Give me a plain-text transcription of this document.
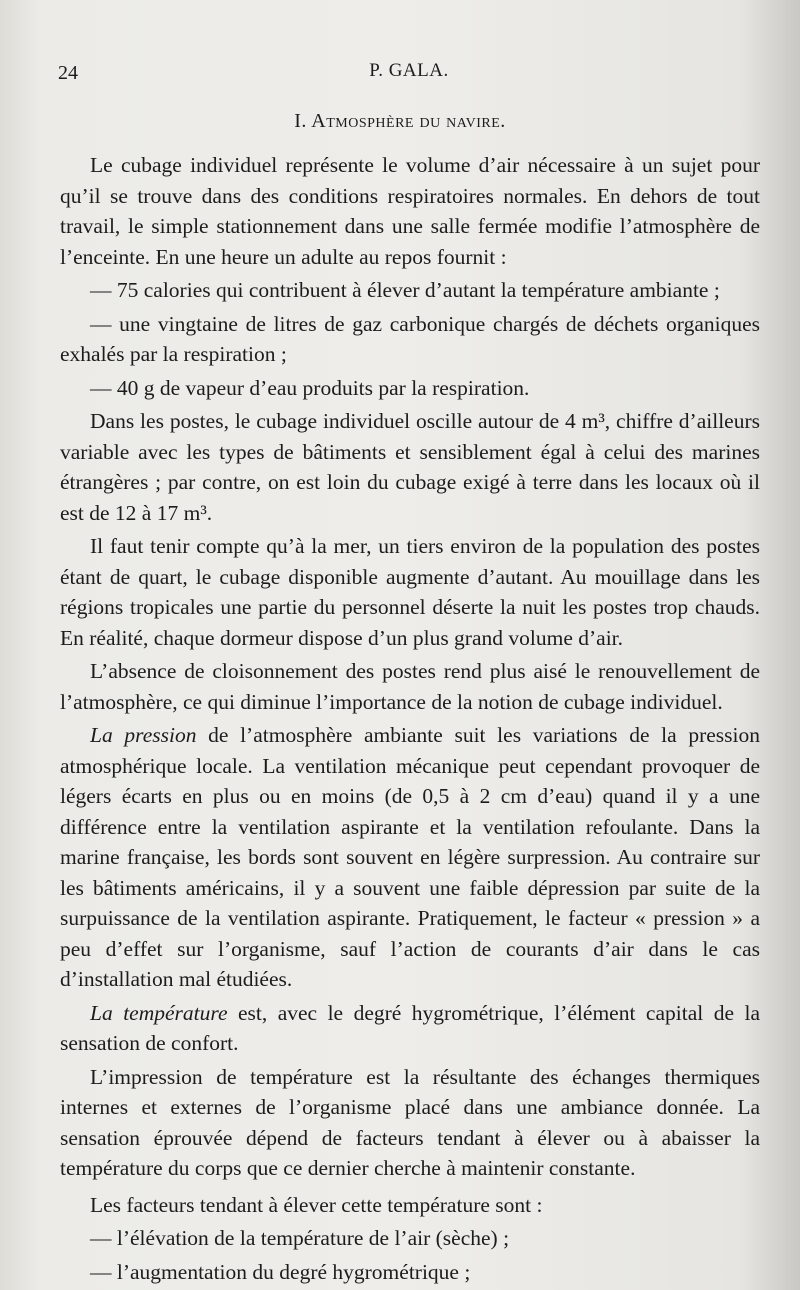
24	P. GALA.
I. Atmosphère du navire.

Le cubage individuel représente le volume d’air nécessaire à un sujet pour qu’il se trouve dans des conditions respiratoires normales. En dehors de tout travail, le simple stationnement dans une salle fermée modifie l’atmosphère de l’enceinte. En une heure un adulte au repos fournit :

— 75 calories qui contribuent à élever d’autant la température ambiante ;

— une vingtaine de litres de gaz carbonique chargés de déchets organiques exhalés par la respiration ;

— 40 g de vapeur d’eau produits par la respiration.

Dans les postes, le cubage individuel oscille autour de 4 m³, chiffre d’ailleurs variable avec les types de bâtiments et sensiblement égal à celui des marines étrangères ; par contre, on est loin du cubage exigé à terre dans les locaux où il est de 12 à 17 m³.

Il faut tenir compte qu’à la mer, un tiers environ de la population des postes étant de quart, le cubage disponible augmente d’autant. Au mouillage dans les régions tropicales une partie du personnel déserte la nuit les postes trop chauds. En réalité, chaque dormeur dispose d’un plus grand volume d’air.

L’absence de cloisonnement des postes rend plus aisé le renouvellement de l’atmosphère, ce qui diminue l’importance de la notion de cubage individuel.

La pression de l’atmosphère ambiante suit les variations de la pression atmosphérique locale. La ventilation mécanique peut cependant provoquer de légers écarts en plus ou en moins (de 0,5 à 2 cm d’eau) quand il y a une différence entre la ventilation aspirante et la ventilation refoulante. Dans la marine française, les bords sont souvent en légère surpression. Au contraire sur les bâtiments américains, il y a souvent une faible dépression par suite de la surpuissance de la ventilation aspirante. Pratiquement, le facteur « pression » a peu d’effet sur l’organisme, sauf l’action de courants d’air dans le cas d’installation mal étudiées.

La température est, avec le degré hygrométrique, l’élément capital de la sensation de confort.

L’impression de température est la résultante des échanges thermiques internes et externes de l’organisme placé dans une ambiance donnée. La sensation éprouvée dépend de facteurs tendant à élever ou à abaisser la température du corps que ce dernier cherche à maintenir constante.

Les facteurs tendant à élever cette température sont :

— l’élévation de la température de l’air (sèche) ;

— l’augmentation du degré hygrométrique ;
